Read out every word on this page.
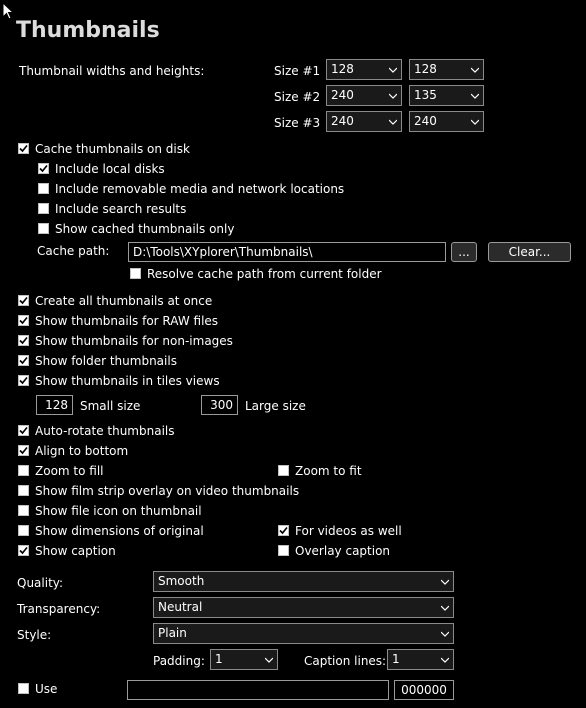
Thumbnails
Thumbnail widths and heights:	Size #1 128	128
Size #2 240	135
Size #3 240	240
Cache thumbnails on disk
Include local disks
Include removable media and network locations
Include search results
Show cached thumbnails only
Cache path:	D:\Tools\XYplorer\Thumbnails\	...	Clear...
Resolve cache path from current folder
Create all thumbnails at once
Show thumbnails for RAW files
Show thumbnails for non-images
Show folder thumbnails
Show thumbnails in tiles views
128	Small size	300	Large size
Auto-rotate thumbnails
Align to bottom
Zoom to fill	Zoom to fit
Show film strip overlay on video thumbnails
Show file icon on thumbnail
Show dimensions of original	For videos as well
Show caption	Overlay caption
Quality:	Smooth
Transparency:	Neutral
Style:	Plain
Padding: 1	Caption lines: 1
Use	000000
